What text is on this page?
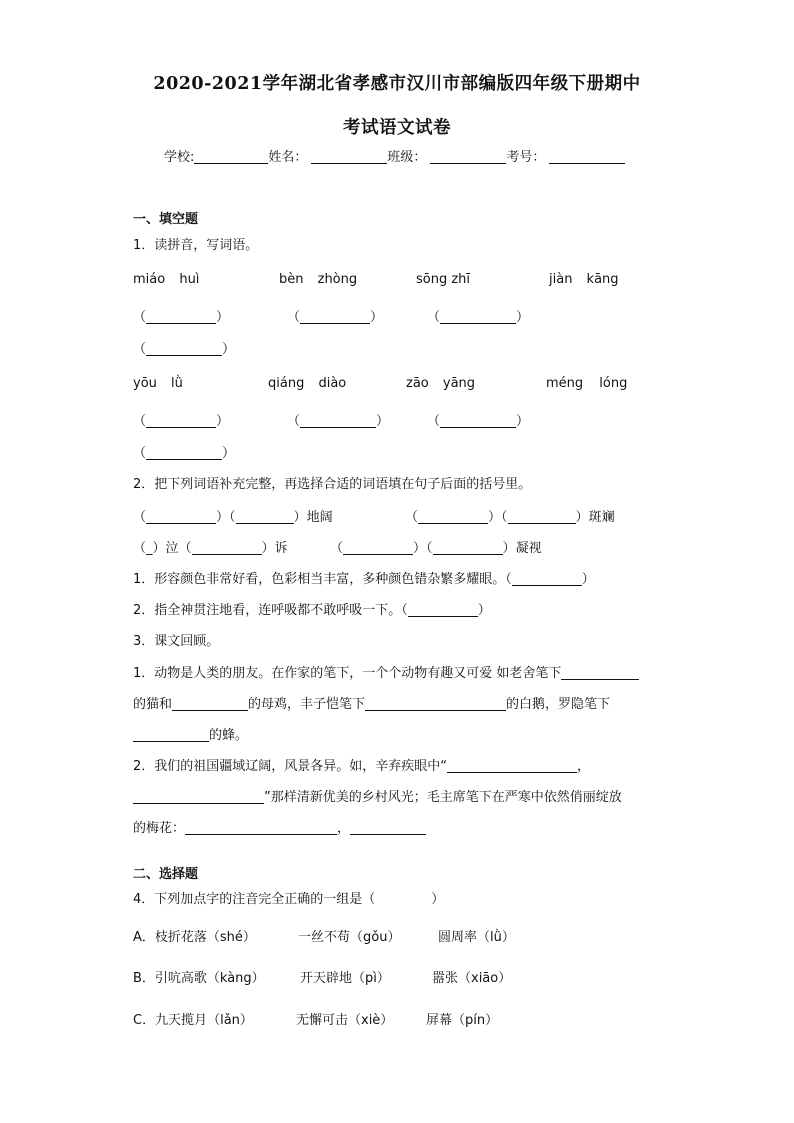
2020-2021学年湖北省孝感市汉川市部编版四年级下册期中
考试语文试卷
学校:	姓名：	班级：	考号：
一、填空题
1．读拼音，写词语。
miáo huì	bèn zhòng	sōng zhī	jiàn kāng
（	）	（	）	（	）
（	）
yōu lǜ	qiáng diào	zāo yāng	méng lóng
（	）	（	）	（	）
（	）
2．把下列词语补充完整，再选择合适的词语填在句子后面的括号里。
（	）（	）地阔	（	）（	）斑斓
（_）泣（	）诉	（	）（	）凝视
1．形容颜色非常好看，色彩相当丰富，多种颜色错杂繁多耀眼。（	）
2．指全神贯注地看，连呼吸都不敢呼吸一下。（	）
3．课文回顾。
1．动物是人类的朋友。在作家的笔下，一个个动物有趣又可爱 如老舍笔下
的猫和	的母鸡，丰子恺笔下	的白鹅，罗隐笔下
的蜂。
2．我们的祖国疆域辽阔，风景各异。如，辛弃疾眼中“	，
”那样清新优美的乡村风光；毛主席笔下在严寒中依然俏丽绽放
的梅花：	，
二、选择题
4．下列加点字的注音完全正确的一组是（	）
A．枝折花落（shé）	一丝不苟（gǒu）	圆周率（lǜ）
B．引吭高歌（kàng）	开天辟地（pì）	嚣张（xiāo）
C．九天揽月（lǎn）	无懈可击（xiè）	屏幕（pín）
